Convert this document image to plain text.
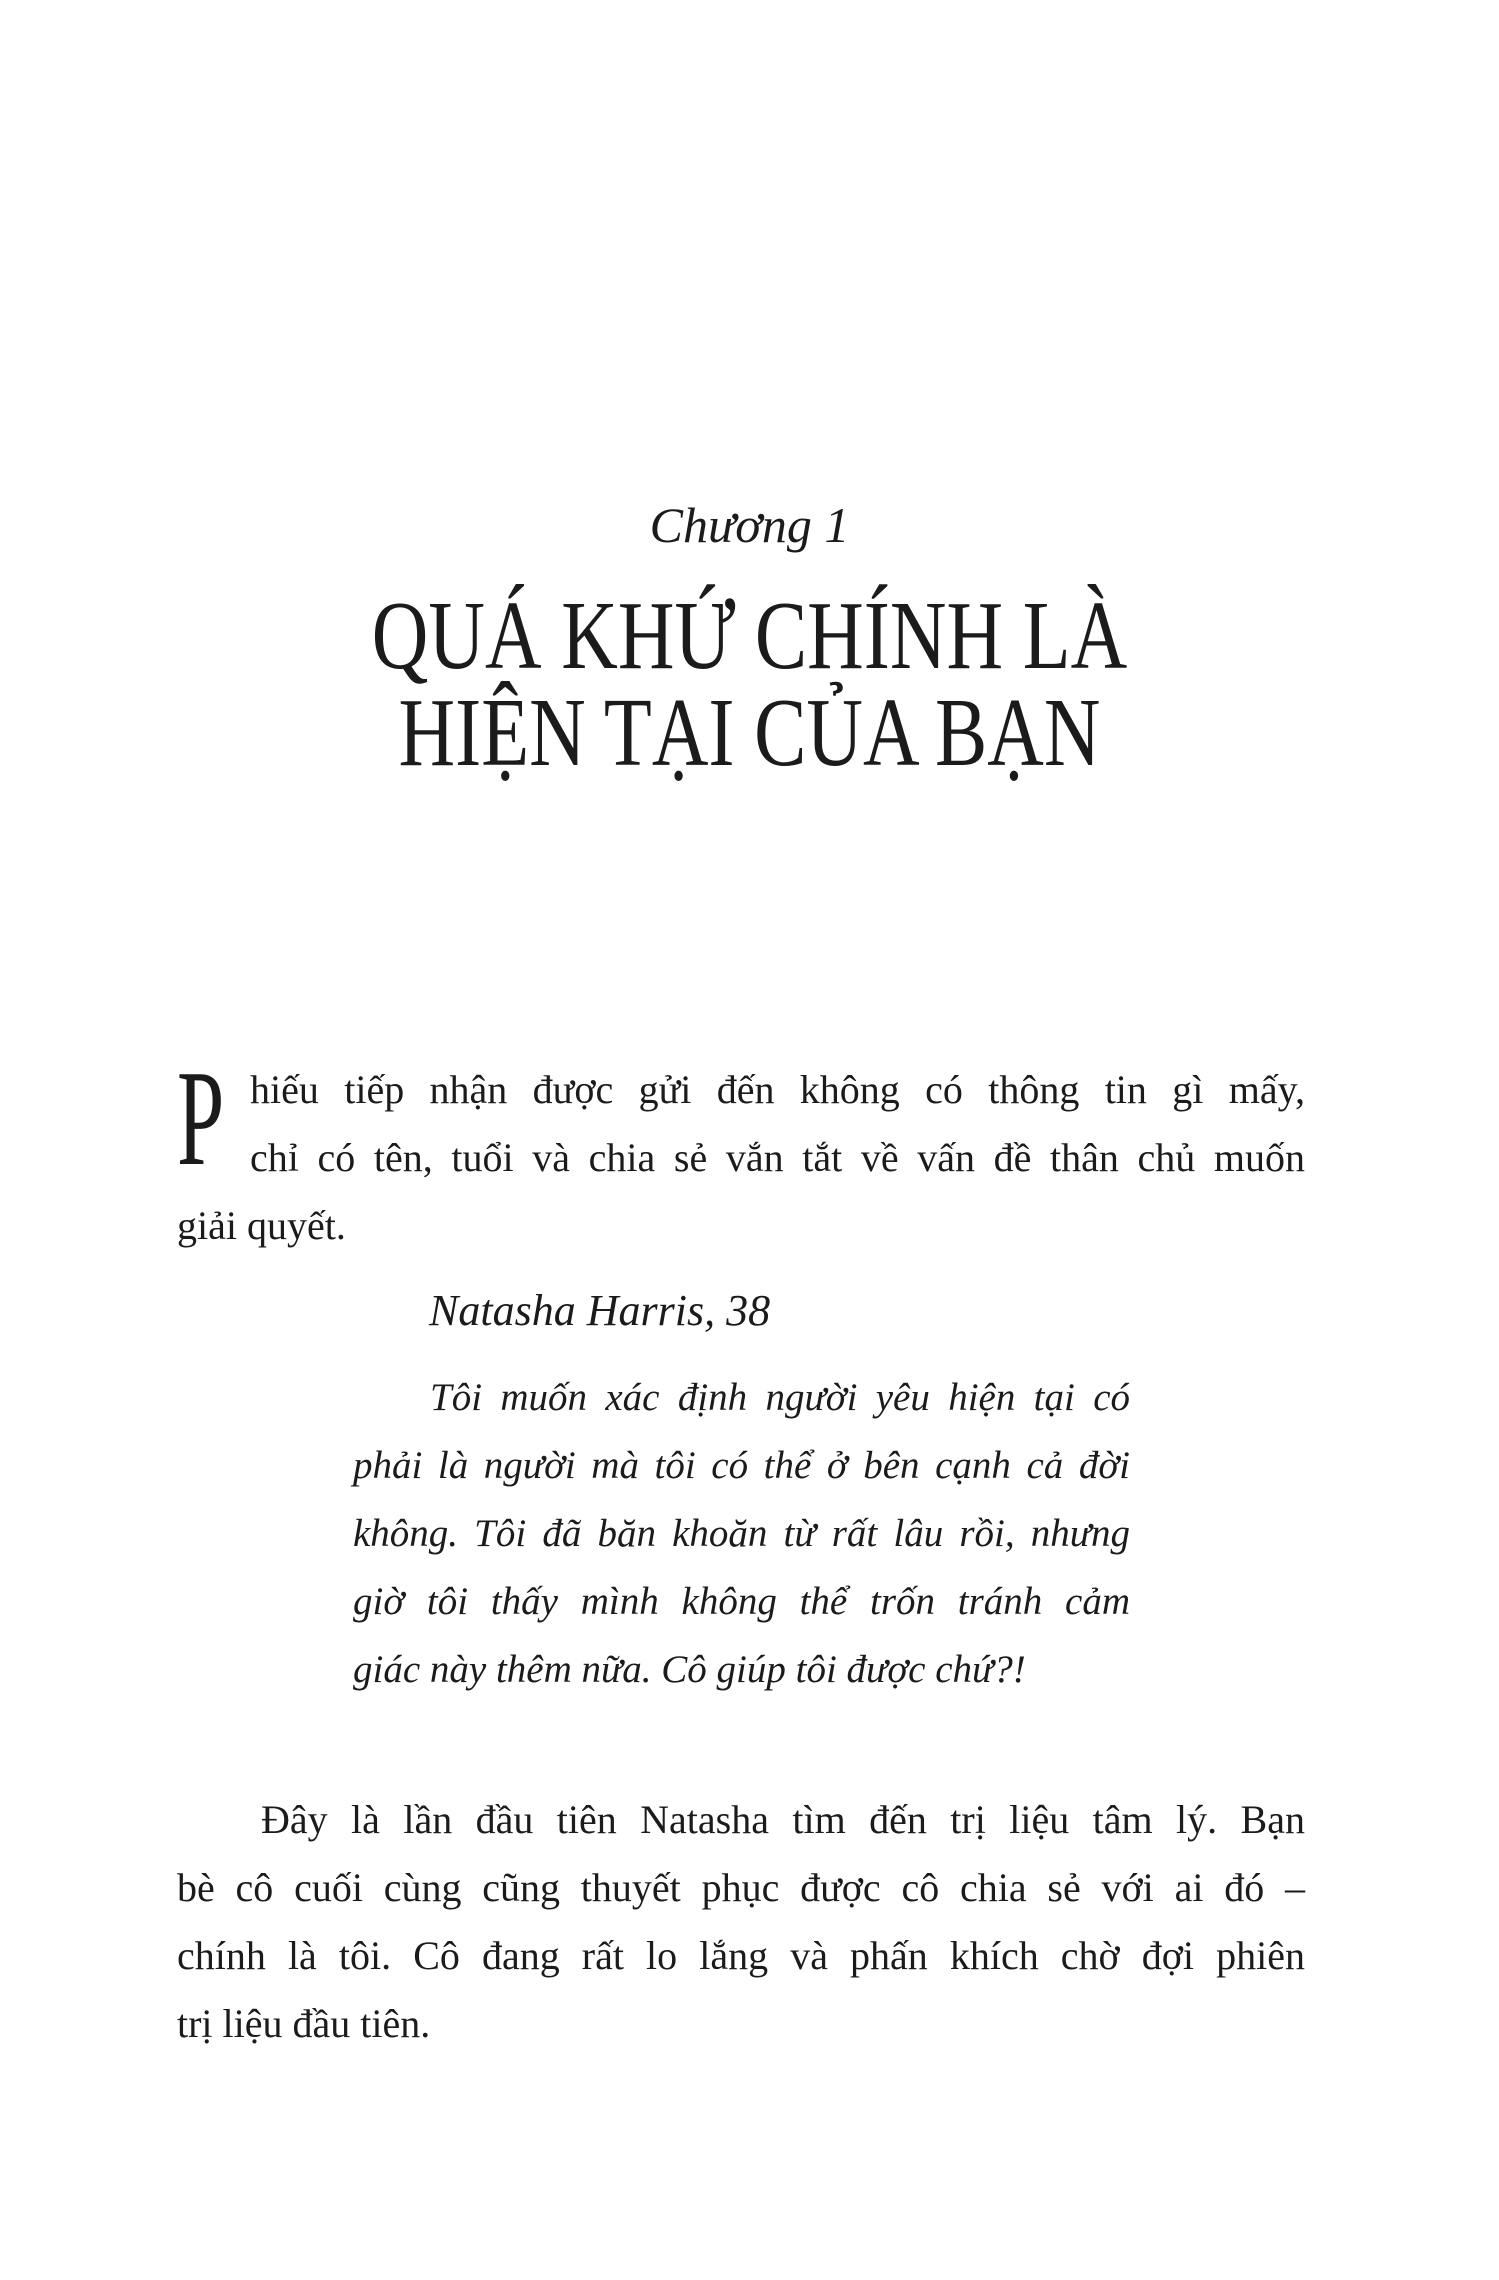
Chương 1
QUÁ KHỨ CHÍNH LÀ
HIỆN TẠI CỦA BẠN
P hiếu tiếp nhận được gửi đến không có thông tin gì mấy,
chỉ có tên, tuổi và chia sẻ vắn tắt về vấn đề thân chủ muốn
giải quyết.
Natasha Harris, 38
Tôi muốn xác định người yêu hiện tại có
phải là người mà tôi có thể ở bên cạnh cả đời
không. Tôi đã băn khoăn từ rất lâu rồi, nhưng
giờ tôi thấy mình không thể trốn tránh cảm
giác này thêm nữa. Cô giúp tôi được chứ?!
Đây là lần đầu tiên Natasha tìm đến trị liệu tâm lý. Bạn
bè cô cuối cùng cũng thuyết phục được cô chia sẻ với ai đó –
chính là tôi. Cô đang rất lo lắng và phấn khích chờ đợi phiên
trị liệu đầu tiên.
